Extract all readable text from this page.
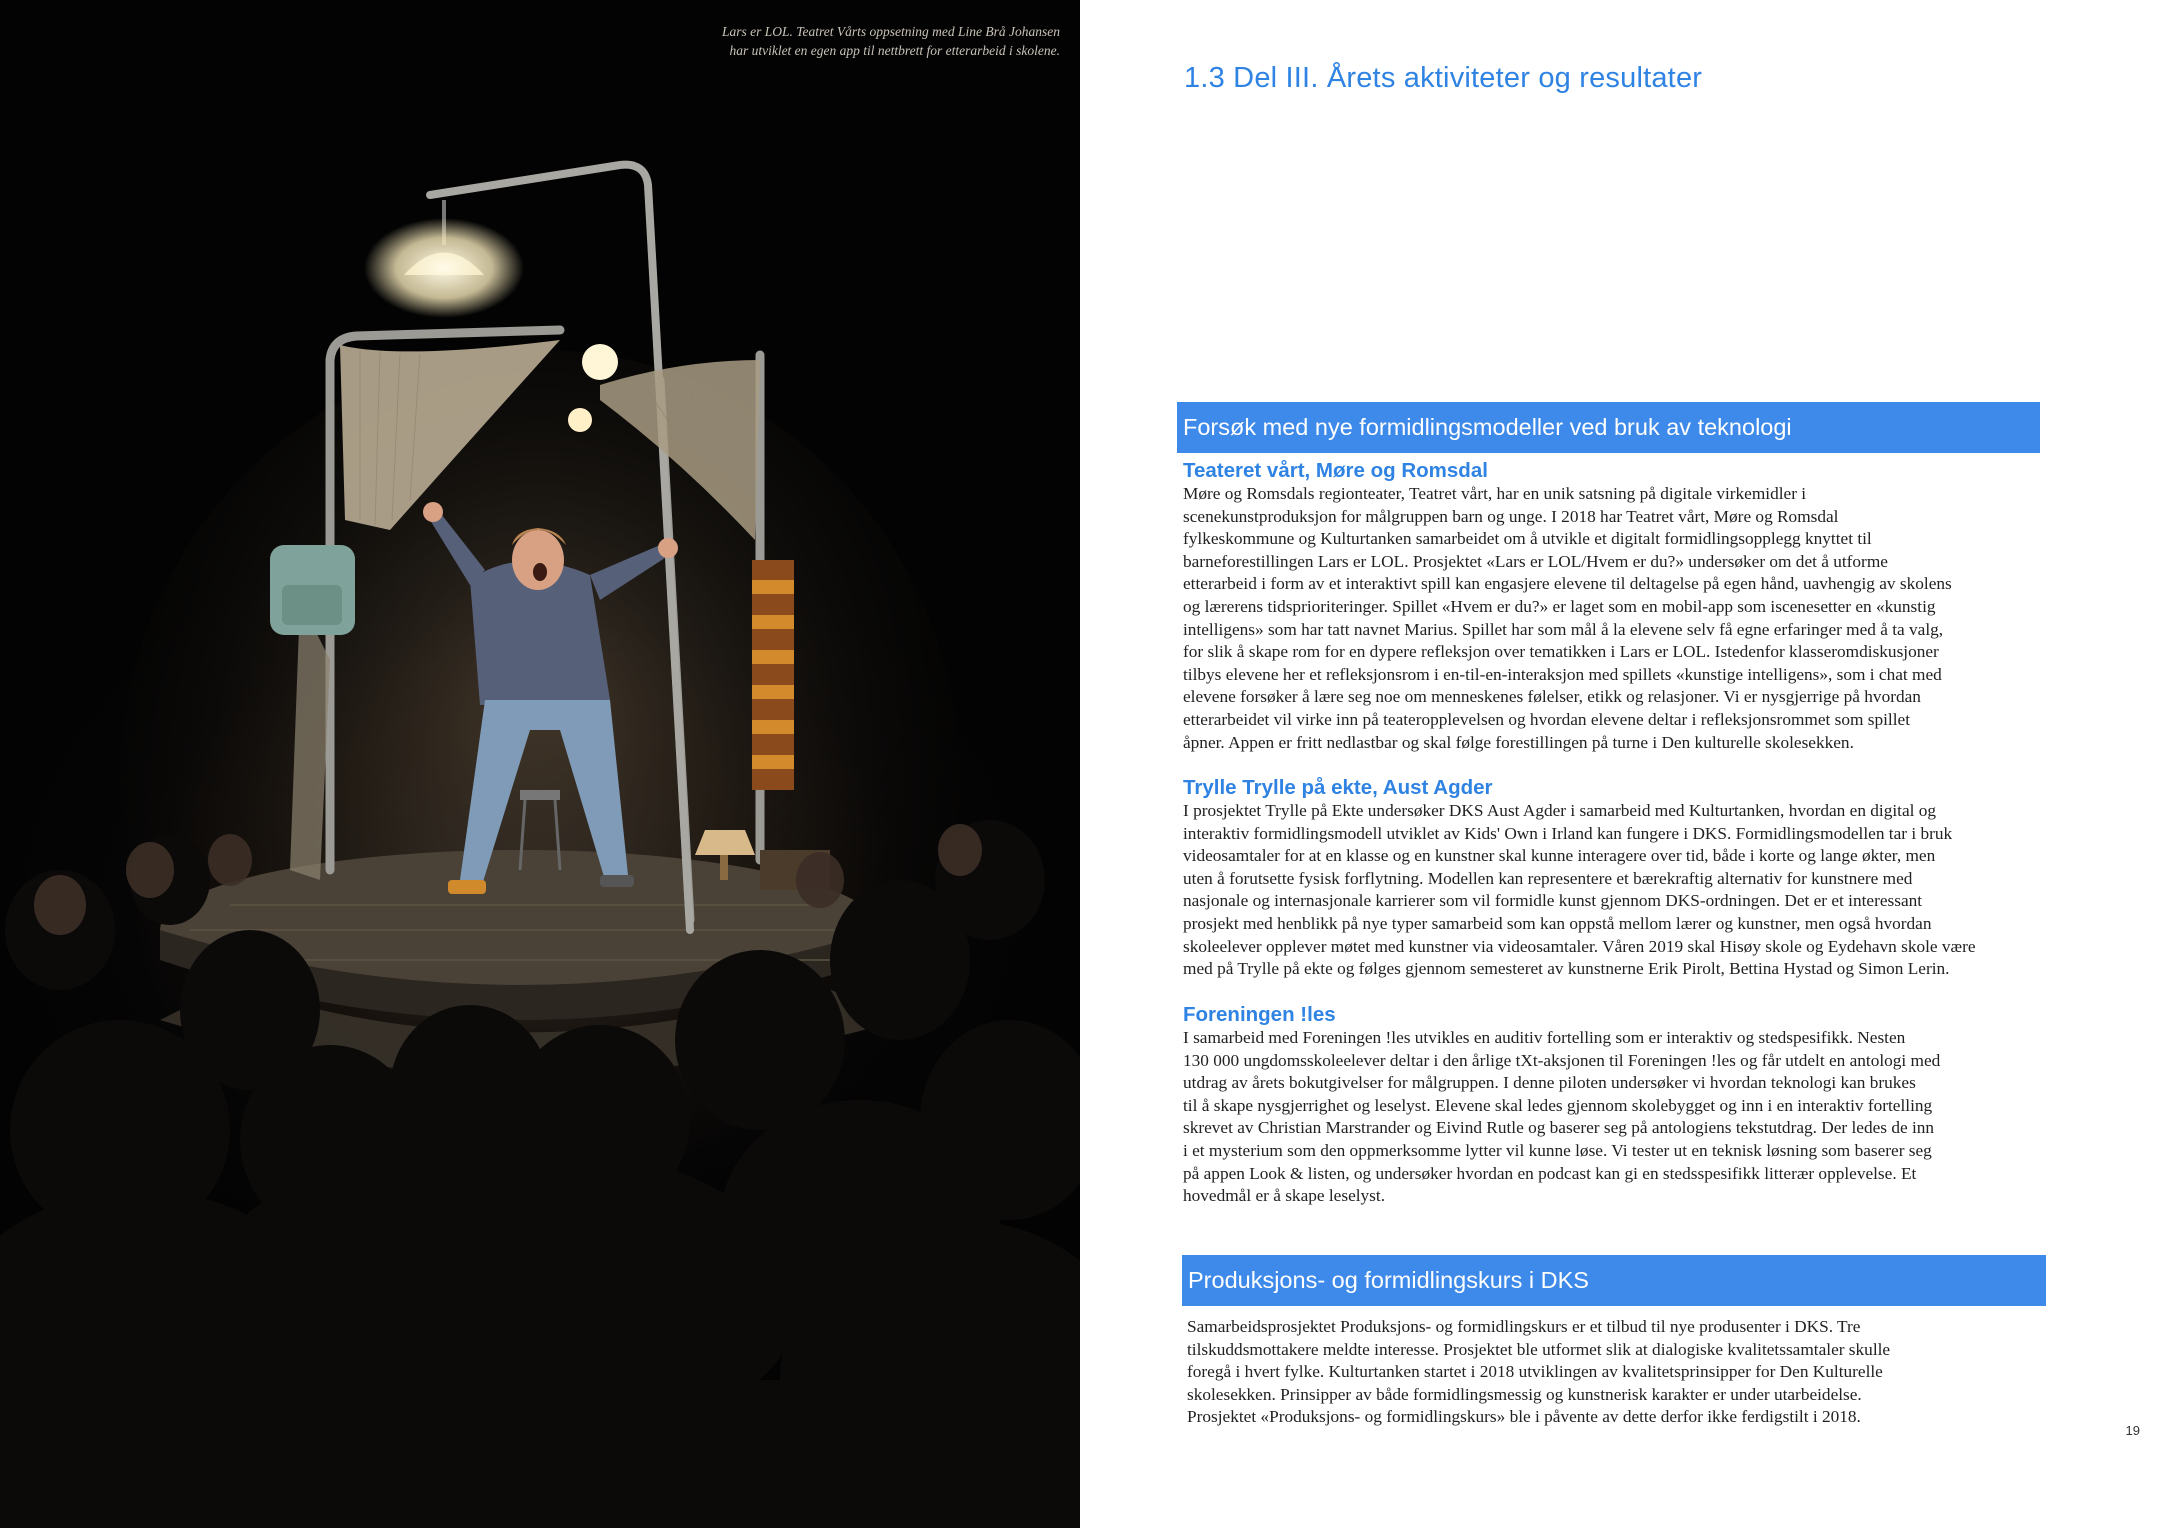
Lars er LOL. Teatret Vårts oppsetning med Line Brå Johansen
har utviklet en egen app til nettbrett for etterarbeid i skolene.
1.3 Del III. Årets aktiviteter og resultater
Forsøk med nye formidlingsmodeller ved bruk av teknologi
Teateret vårt, Møre og Romsdal

Møre og Romsdals regionteater, Teatret vårt, har en unik satsning på digitale virkemidler i
scenekunstproduksjon for målgruppen barn og unge. I 2018 har Teatret vårt, Møre og Romsdal
fylkeskommune og Kulturtanken samarbeidet om å utvikle et digitalt formidlingsopplegg knyttet til
barneforestillingen Lars er LOL. Prosjektet «Lars er LOL/Hvem er du?» undersøker om det å utforme
etterarbeid i form av et interaktivt spill kan engasjere elevene til deltagelse på egen hånd, uavhengig av skolens
og lærerens tidsprioriteringer. Spillet «Hvem er du?» er laget som en mobil-app som iscenesetter en «kunstig
intelligens» som har tatt navnet Marius. Spillet har som mål å la elevene selv få egne erfaringer med å ta valg,
for slik å skape rom for en dypere refleksjon over tematikken i Lars er LOL. Istedenfor klasseromdiskusjoner
tilbys elevene her et refleksjonsrom i en-til-en-interaksjon med spillets «kunstige intelligens», som i chat med
elevene forsøker å lære seg noe om menneskenes følelser, etikk og relasjoner. Vi er nysgjerrige på hvordan
etterarbeidet vil virke inn på teateropplevelsen og hvordan elevene deltar i refleksjonsrommet som spillet
åpner. Appen er fritt nedlastbar og skal følge forestillingen på turne i Den kulturelle skolesekken.

Trylle Trylle på ekte, Aust Agder

I prosjektet Trylle på Ekte undersøker DKS Aust Agder i samarbeid med Kulturtanken, hvordan en digital og
interaktiv formidlingsmodell utviklet av Kids' Own i Irland kan fungere i DKS. Formidlingsmodellen tar i bruk
videosamtaler for at en klasse og en kunstner skal kunne interagere over tid, både i korte og lange økter, men
uten å forutsette fysisk forflytning. Modellen kan representere et bærekraftig alternativ for kunstnere med
nasjonale og internasjonale karrierer som vil formidle kunst gjennom DKS-ordningen. Det er et interessant
prosjekt med henblikk på nye typer samarbeid som kan oppstå mellom lærer og kunstner, men også hvordan
skoleelever opplever møtet med kunstner via videosamtaler. Våren 2019 skal Hisøy skole og Eydehavn skole være
med på Trylle på ekte og følges gjennom semesteret av kunstnerne Erik Pirolt, Bettina Hystad og Simon Lerin.

Foreningen !les

I samarbeid med Foreningen !les utvikles en auditiv fortelling som er interaktiv og stedspesifikk. Nesten
130 000 ungdomsskoleelever deltar i den årlige tXt-aksjonen til Foreningen !les og får utdelt en antologi med
utdrag av årets bokutgivelser for målgruppen. I denne piloten undersøker vi hvordan teknologi kan brukes
til å skape nysgjerrighet og leselyst. Elevene skal ledes gjennom skolebygget og inn i en interaktiv fortelling
skrevet av Christian Marstrander og Eivind Rutle og baserer seg på antologiens tekstutdrag. Der ledes de inn
i et mysterium som den oppmerksomme lytter vil kunne løse. Vi tester ut en teknisk løsning som baserer seg
på appen Look & listen, og undersøker hvordan en podcast kan gi en stedsspesifikk litterær opplevelse. Et
hovedmål er å skape leselyst.

Produksjons- og formidlingskurs i DKS

Samarbeidsprosjektet Produksjons- og formidlingskurs er et tilbud til nye produsenter i DKS. Tre
tilskuddsmottakere meldte interesse. Prosjektet ble utformet slik at dialogiske kvalitetssamtaler skulle
foregå i hvert fylke. Kulturtanken startet i 2018 utviklingen av kvalitetsprinsipper for Den Kulturelle
skolesekken. Prinsipper av både formidlingsmessig og kunstnerisk karakter er under utarbeidelse.
Prosjektet «Produksjons- og formidlingskurs» ble i påvente av dette derfor ikke ferdigstilt i 2018.

19
